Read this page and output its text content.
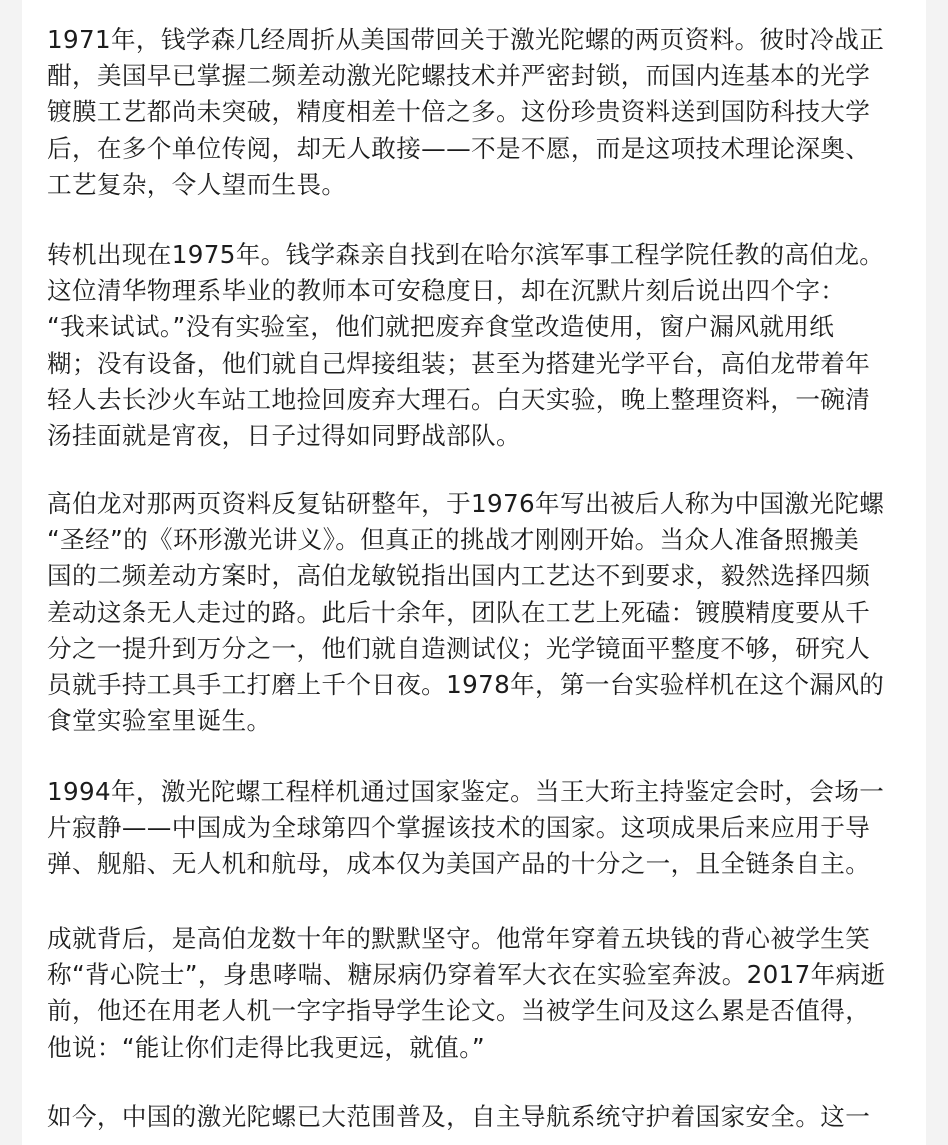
1971年，钱学森几经周折从美国带回关于激光陀螺的两页资料。彼时冷战正
酣，美国早已掌握二频差动激光陀螺技术并严密封锁，而国内连基本的光学
镀膜工艺都尚未突破，精度相差十倍之多。这份珍贵资料送到国防科技大学
后，在多个单位传阅，却无人敢接——不是不愿，而是这项技术理论深奥、
工艺复杂，令人望而生畏。

转机出现在1975年。钱学森亲自找到在哈尔滨军事工程学院任教的高伯龙。
这位清华物理系毕业的教师本可安稳度日，却在沉默片刻后说出四个字：
“我来试试。”没有实验室，他们就把废弃食堂改造使用，窗户漏风就用纸
糊；没有设备，他们就自己焊接组装；甚至为搭建光学平台，高伯龙带着年
轻人去长沙火车站工地捡回废弃大理石。白天实验，晚上整理资料，一碗清
汤挂面就是宵夜，日子过得如同野战部队。

高伯龙对那两页资料反复钻研整年，于1976年写出被后人称为中国激光陀螺
“圣经”的《环形激光讲义》。但真正的挑战才刚刚开始。当众人准备照搬美
国的二频差动方案时，高伯龙敏锐指出国内工艺达不到要求，毅然选择四频
差动这条无人走过的路。此后十余年，团队在工艺上死磕：镀膜精度要从千
分之一提升到万分之一，他们就自造测试仪；光学镜面平整度不够，研究人
员就手持工具手工打磨上千个日夜。1978年，第一台实验样机在这个漏风的
食堂实验室里诞生。

1994年，激光陀螺工程样机通过国家鉴定。当王大珩主持鉴定会时，会场一
片寂静——中国成为全球第四个掌握该技术的国家。这项成果后来应用于导
弹、舰船、无人机和航母，成本仅为美国产品的十分之一，且全链条自主。

成就背后，是高伯龙数十年的默默坚守。他常年穿着五块钱的背心被学生笑
称“背心院士”，身患哮喘、糖尿病仍穿着军大衣在实验室奔波。2017年病逝
前，他还在用老人机一字字指导学生论文。当被学生问及这么累是否值得，
他说：“能让你们走得比我更远，就值。”

如今，中国的激光陀螺已大范围普及，自主导航系统守护着国家安全。这一
